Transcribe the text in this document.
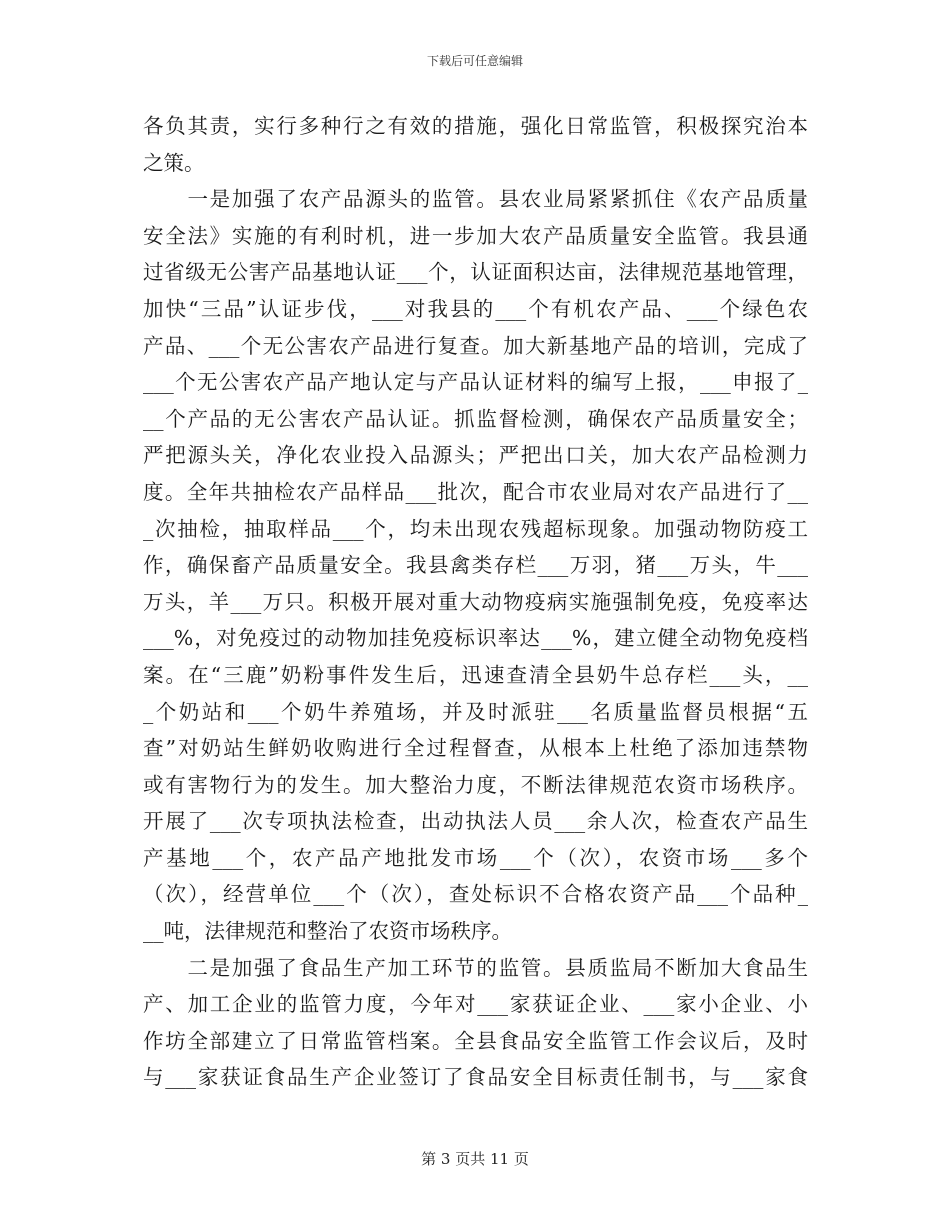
下载后可任意编辑
各负其责，实行多种行之有效的措施，强化日常监管，积极探究治本
之策。
　　一是加强了农产品源头的监管。县农业局紧紧抓住《农产品质量
安全法》实施的有利时机，进一步加大农产品质量安全监管。我县通
过省级无公害产品基地认证___个，认证面积达亩，法律规范基地管理，
加快“三品”认证步伐，___对我县的___个有机农产品、___个绿色农
产品、___个无公害农产品进行复查。加大新基地产品的培训，完成了
___个无公害农产品产地认定与产品认证材料的编写上报，___申报了_
__个产品的无公害农产品认证。抓监督检测，确保农产品质量安全；
严把源头关，净化农业投入品源头；严把出口关，加大农产品检测力
度。全年共抽检农产品样品___批次，配合市农业局对农产品进行了__
_次抽检，抽取样品___个，均未出现农残超标现象。加强动物防疫工
作，确保畜产品质量安全。我县禽类存栏___万羽，猪___万头，牛___
万头，羊___万只。积极开展对重大动物疫病实施强制免疫，免疫率达
___%，对免疫过的动物加挂免疫标识率达___%，建立健全动物免疫档
案。在“三鹿”奶粉事件发生后，迅速查清全县奶牛总存栏___头，__
_个奶站和___个奶牛养殖场，并及时派驻___名质量监督员根据“五
查”对奶站生鲜奶收购进行全过程督查，从根本上杜绝了添加违禁物
或有害物行为的发生。加大整治力度，不断法律规范农资市场秩序。
开展了___次专项执法检查，出动执法人员___余人次，检查农产品生
产基地___个，农产品产地批发市场___个（次），农资市场___多个
（次），经营单位___个（次），查处标识不合格农资产品___个品种_
__吨，法律规范和整治了农资市场秩序。
　　二是加强了食品生产加工环节的监管。县质监局不断加大食品生
产、加工企业的监管力度，今年对___家获证企业、___家小企业、小
作坊全部建立了日常监管档案。全县食品安全监管工作会议后，及时
与___家获证食品生产企业签订了食品安全目标责任制书，与___家食
第 3 页共 11 页
